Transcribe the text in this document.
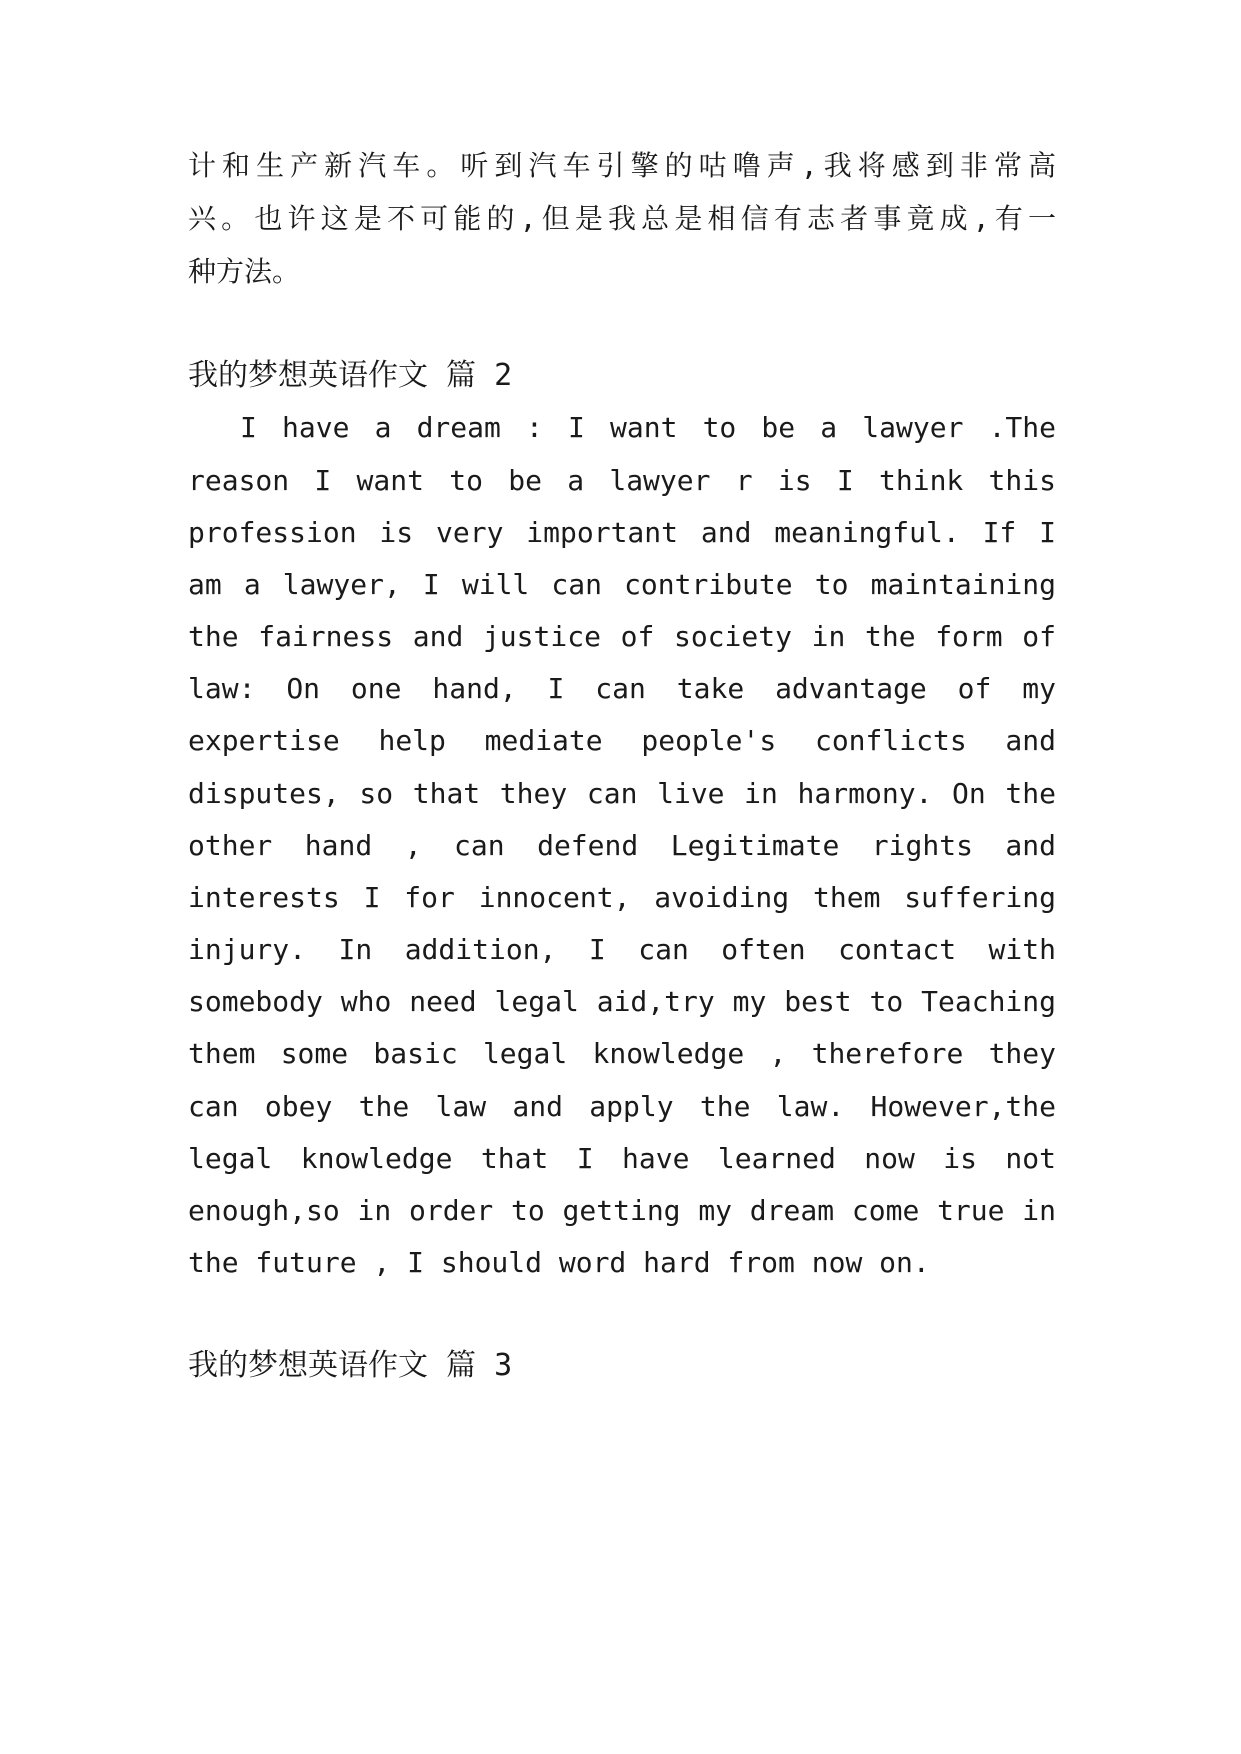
计和生产新汽车。听到汽车引擎的咕噜声,我将感到非常高
兴。也许这是不可能的,但是我总是相信有志者事竟成,有一
种方法。
我的梦想英语作文 篇 2
I have a dream : I want to be a lawyer .The
reason I want to be a lawyer r is I think this
profession is very important and meaningful. If I
am a lawyer, I will can contribute to maintaining
the fairness and justice of society in the form of
law: On one hand, I can take advantage of my
expertise help mediate people's conflicts and
disputes, so that they can live in harmony. On the
other hand , can defend Legitimate rights and
interests I for innocent, avoiding them suffering
injury. In addition, I can often contact with
somebody who need legal aid,try my best to Teaching
them some basic legal knowledge , therefore they
can obey the law and apply the law. However,the
legal knowledge that I have learned now is not
enough,so in order to getting my dream come true in
the future , I should word hard from now on.
我的梦想英语作文 篇 3
